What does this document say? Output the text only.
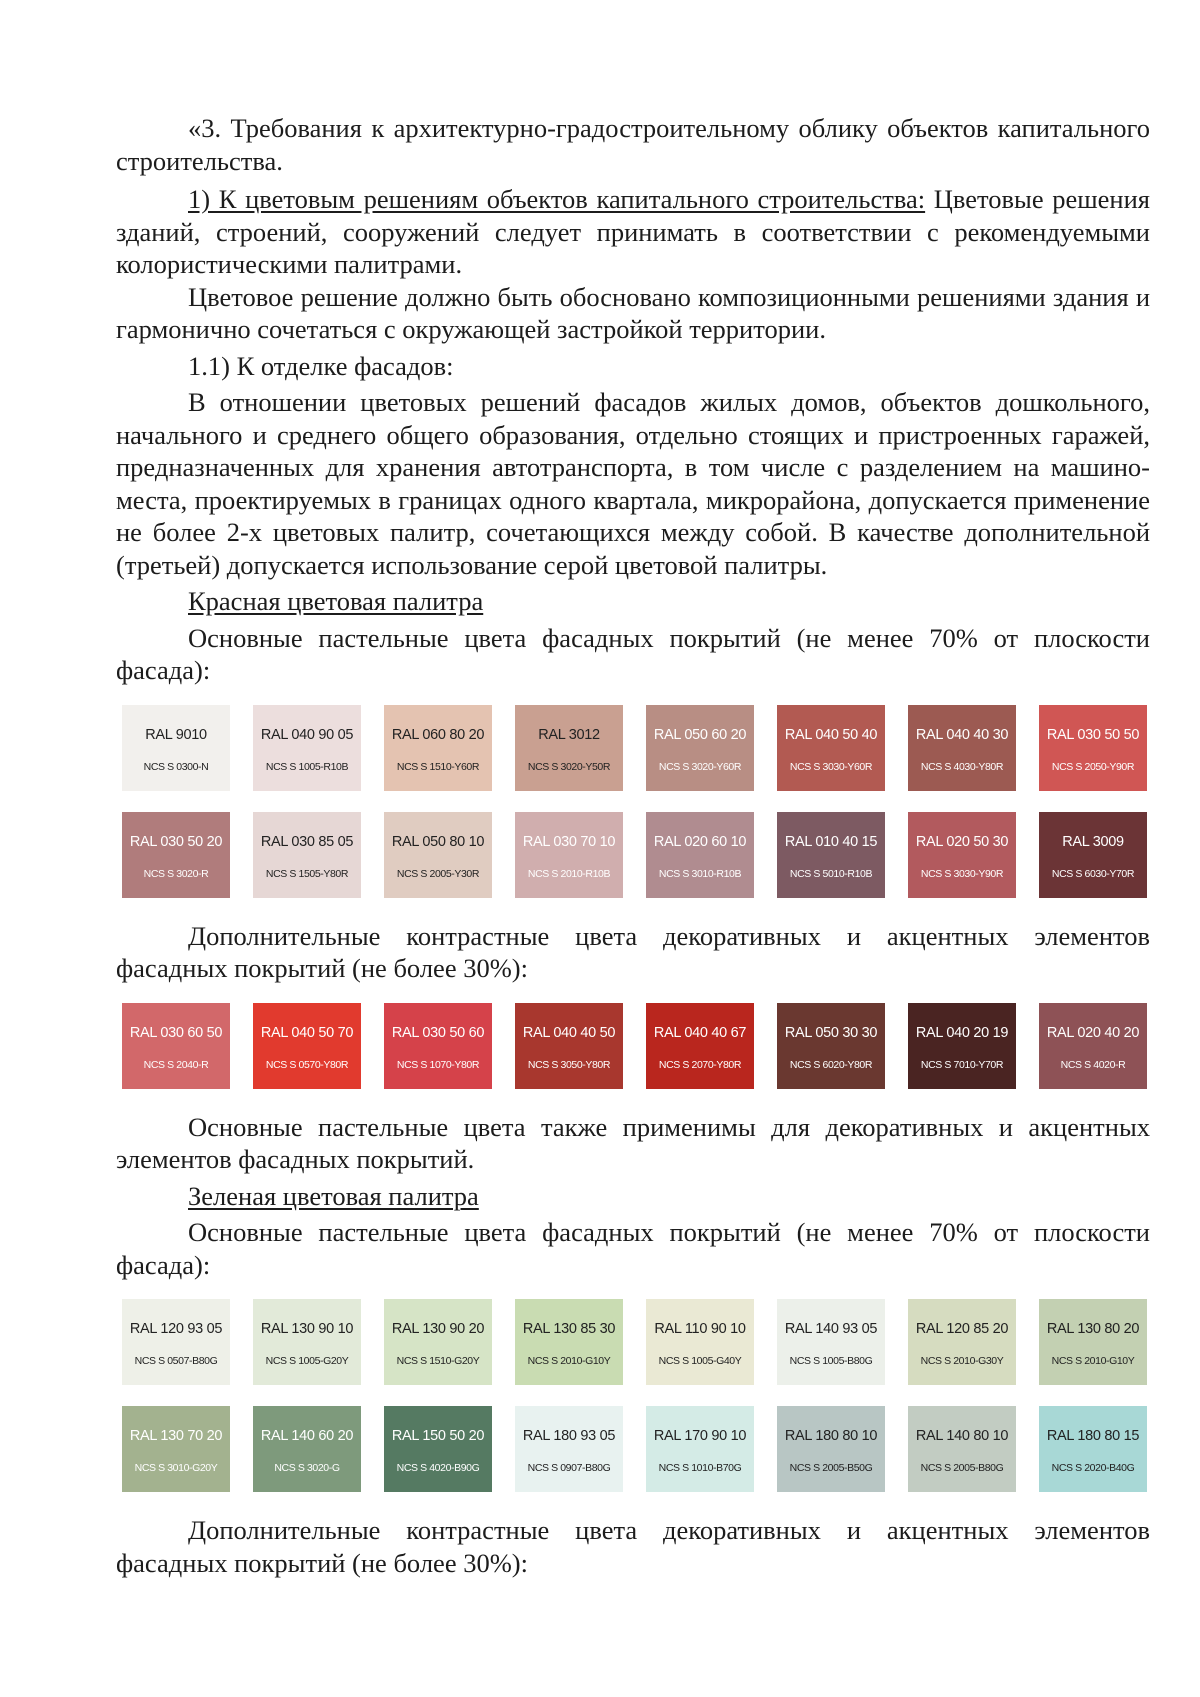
«3. Требования к архитектурно-градостроительному облику объектов капитального строительства.

1) К цветовым решениям объектов капитального строительства: Цветовые решения зданий, строений, сооружений следует принимать в соответствии с рекомендуемыми колористическими палитрами.

Цветовое решение должно быть обосновано композиционными решениями здания и гармонично сочетаться с окружающей застройкой территории.

1.1) К отделке фасадов:

В отношении цветовых решений фасадов жилых домов, объектов дошкольного, начального и среднего общего образования, отдельно стоящих и пристроенных гаражей, предназначенных для хранения автотранспорта, в том числе с разделением на машино-места, проектируемых в границах одного квартала, микрорайона, допускается применение не более 2-х цветовых палитр, сочетающихся между собой. В качестве дополнительной (третьей) допускается использование серой цветовой палитры.

Красная цветовая палитра

Основные пастельные цвета фасадных покрытий (не менее 70% от плоскости фасада):

RAL 9010
NCS S 0300-N
RAL 040 90 05
NCS S 1005-R10B
RAL 060 80 20
NCS S 1510-Y60R
RAL 3012
NCS S 3020-Y50R
RAL 050 60 20
NCS S 3020-Y60R
RAL 040 50 40
NCS S 3030-Y60R
RAL 040 40 30
NCS S 4030-Y80R
RAL 030 50 50
NCS S 2050-Y90R
RAL 030 50 20
NCS S 3020-R
RAL 030 85 05
NCS S 1505-Y80R
RAL 050 80 10
NCS S 2005-Y30R
RAL 030 70 10
NCS S 2010-R10B
RAL 020 60 10
NCS S 3010-R10B
RAL 010 40 15
NCS S 5010-R10B
RAL 020 50 30
NCS S 3030-Y90R
RAL 3009
NCS S 6030-Y70R

Дополнительные контрастные цвета декоративных и акцентных элементов фасадных покрытий (не более 30%):

RAL 030 60 50
NCS S 2040-R
RAL 040 50 70
NCS S 0570-Y80R
RAL 030 50 60
NCS S 1070-Y80R
RAL 040 40 50
NCS S 3050-Y80R
RAL 040 40 67
NCS S 2070-Y80R
RAL 050 30 30
NCS S 6020-Y80R
RAL 040 20 19
NCS S 7010-Y70R
RAL 020 40 20
NCS S 4020-R

Основные пастельные цвета также применимы для декоративных и акцентных элементов фасадных покрытий.

Зеленая цветовая палитра

Основные пастельные цвета фасадных покрытий (не менее 70% от плоскости фасада):

RAL 120 93 05
NCS S 0507-B80G
RAL 130 90 10
NCS S 1005-G20Y
RAL 130 90 20
NCS S 1510-G20Y
RAL 130 85 30
NCS S 2010-G10Y
RAL 110 90 10
NCS S 1005-G40Y
RAL 140 93 05
NCS S 1005-B80G
RAL 120 85 20
NCS S 2010-G30Y
RAL 130 80 20
NCS S 2010-G10Y
RAL 130 70 20
NCS S 3010-G20Y
RAL 140 60 20
NCS S 3020-G
RAL 150 50 20
NCS S 4020-B90G
RAL 180 93 05
NCS S 0907-B80G
RAL 170 90 10
NCS S 1010-B70G
RAL 180 80 10
NCS S 2005-B50G
RAL 140 80 10
NCS S 2005-B80G
RAL 180 80 15
NCS S 2020-B40G

Дополнительные контрастные цвета декоративных и акцентных элементов фасадных покрытий (не более 30%):
